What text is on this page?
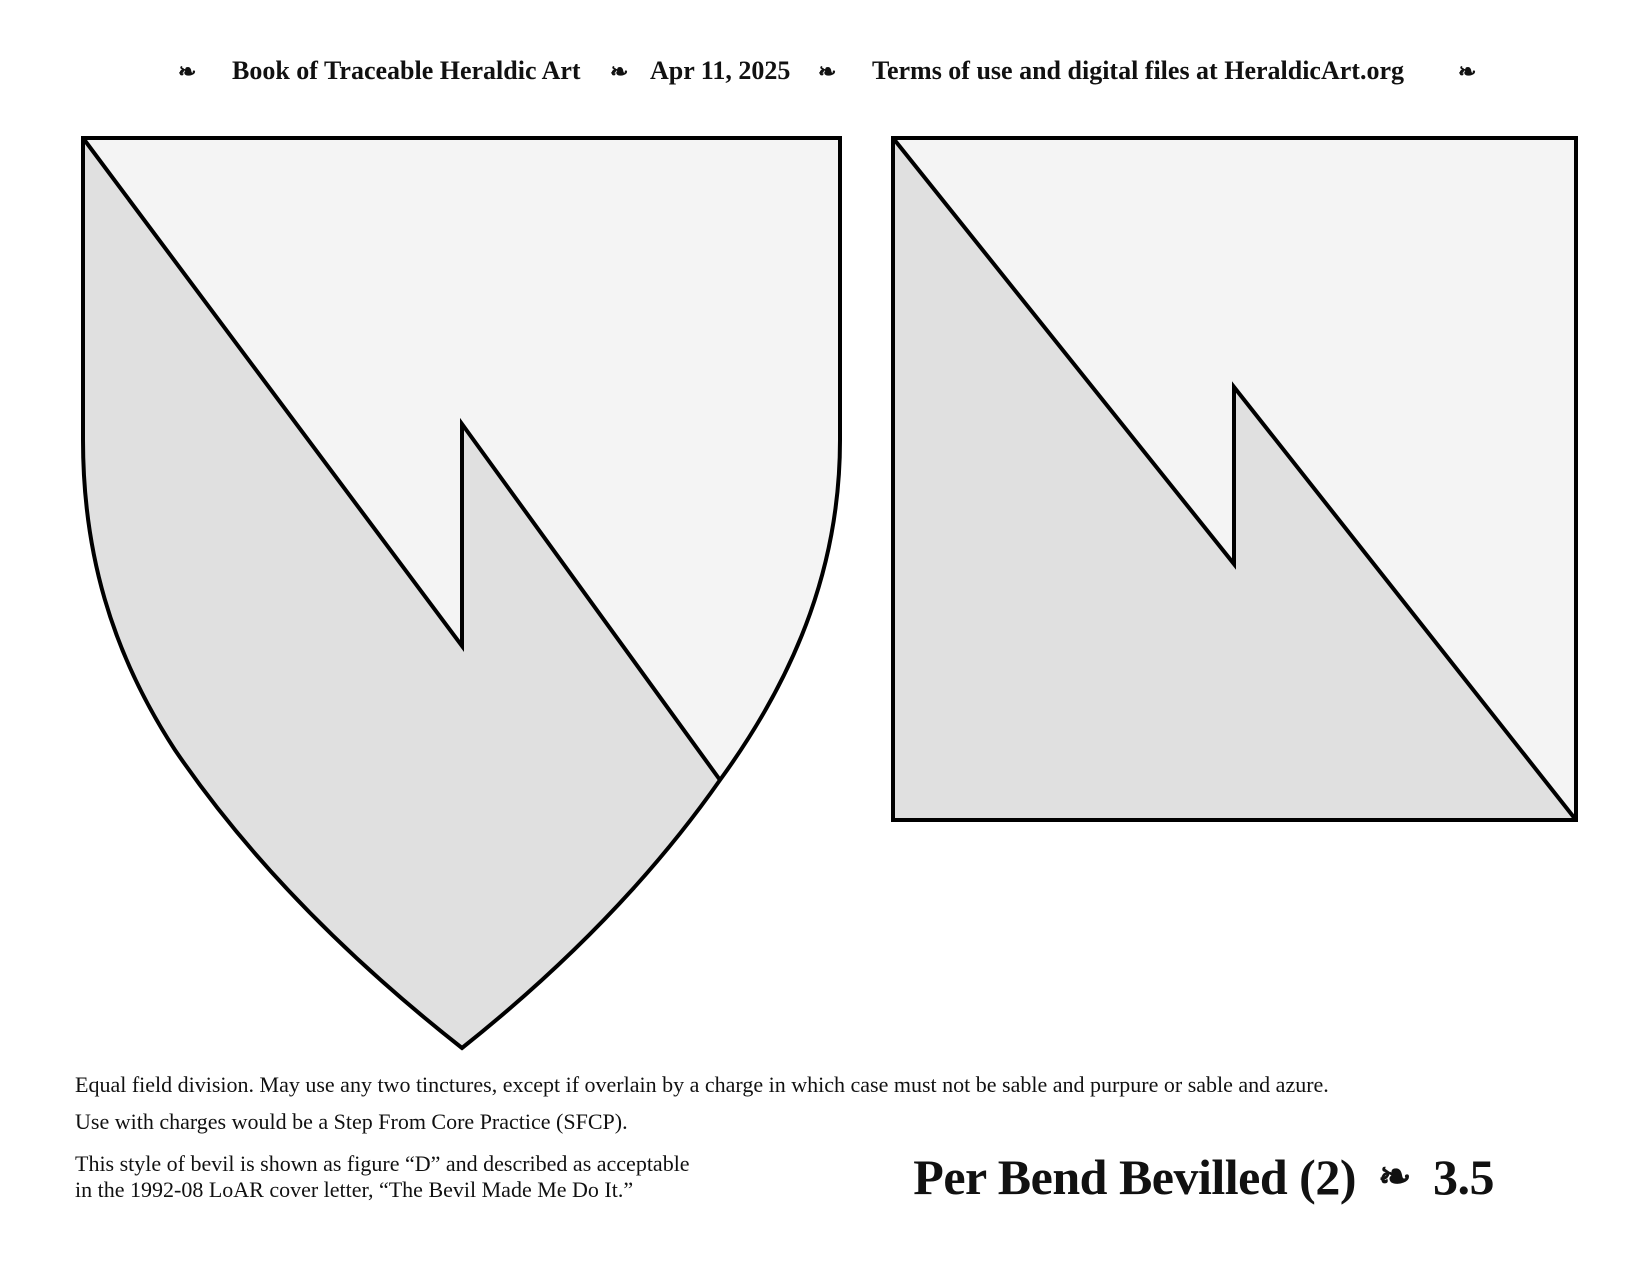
❧ Book of Traceable Heraldic Art ❧ Apr 11, 2025 ❧ Terms of use and digital files at HeraldicArt.org ❧

Equal field division. May use any two tinctures, except if overlain by a charge in which case must not be sable and purpure or sable and azure.

Use with charges would be a Step From Core Practice (SFCP).

This style of bevil is shown as figure “D” and described as acceptable

in the 1992-08 LoAR cover letter, “The Bevil Made Me Do It.”	Per Bend Bevilled (2) ❧ 3.5
